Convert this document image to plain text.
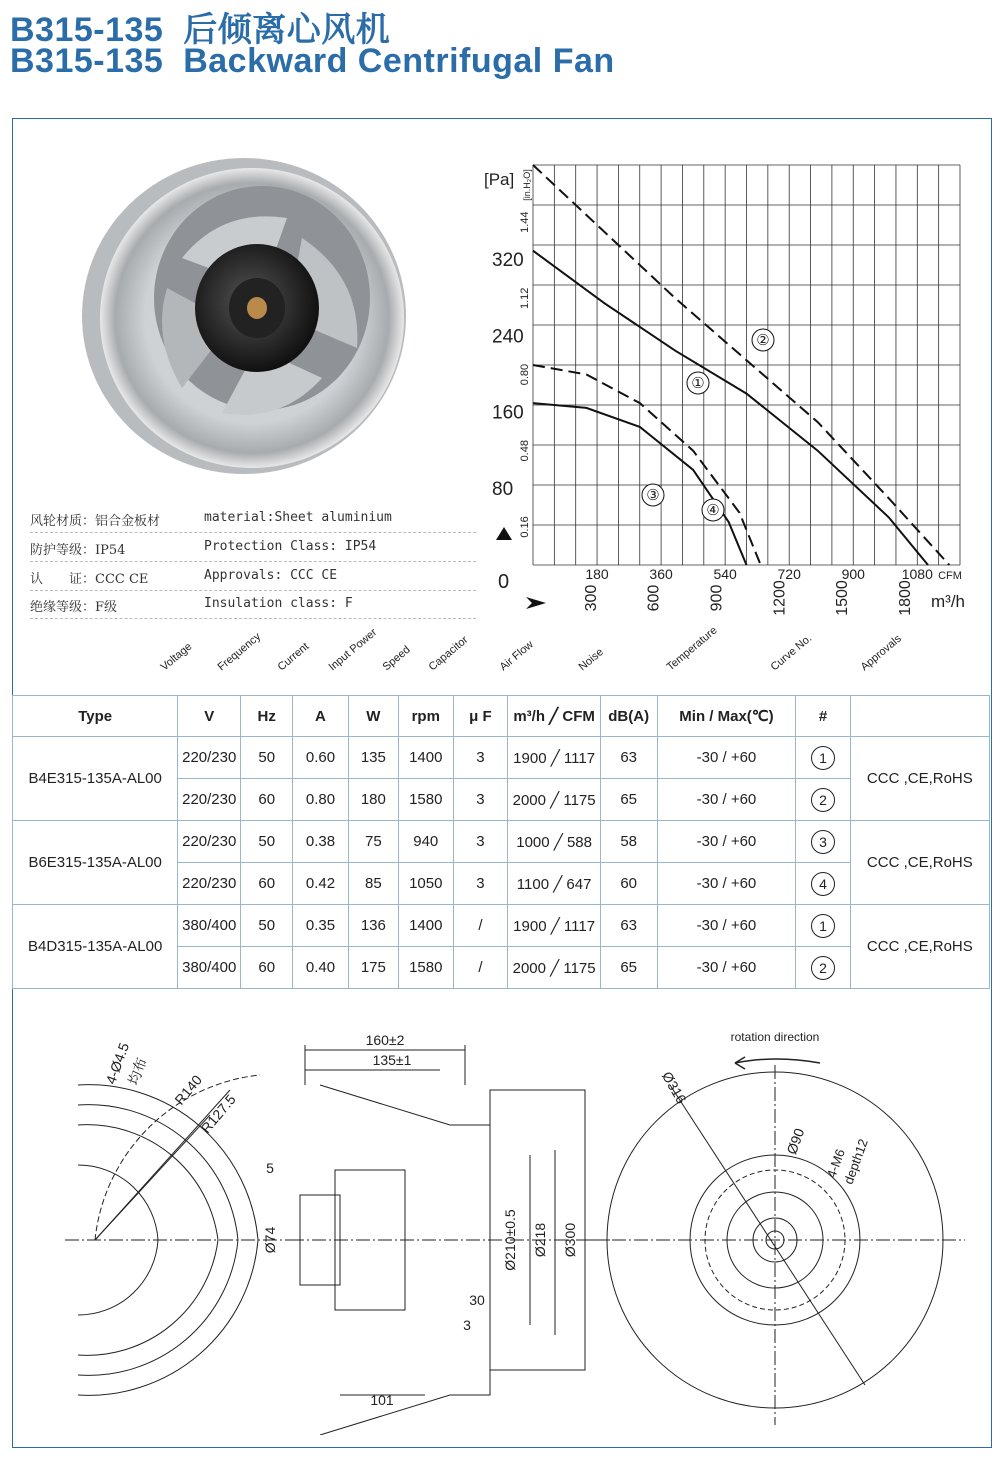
B315-135  后倾离心风机
B315-135  Backward Centrifugal Fan
风轮材质：铝合金板材	material:Sheet aluminium
防护等级：IP54	Protection Class: IP54
认　　证：CCC CE	Approvals: CCC CE
绝缘等级：F级	Insulation class: F
①
②
③
④
80
160
240
320
0.16
0.48
0.80
1.12
1.44
[Pa] [in.H₂O]
180	360	540	720	900	1080 CFM
300	600	900	1200	1500	1800 m³/h
0
Voltage	Frequency	Current	Input Power Speed	Capacitor	Air Flow	Noise	Temperature	Curve No.	Approvals
Type	V	Hz	A	W	rpm	μ F	m³/h ╱ CFM	dB(A)	Min / Max(℃)	#	
B4E315-135A-AL00	220/230	50	0.60	135	1400	3	1900 ╱ 1117	63	-30 / +60	1	CCC ,CE,RoHS
	220/230	60	0.80	180	1580	3	2000 ╱ 1175	65	-30 / +60	2	
B6E315-135A-AL00	220/230	50	0.38	75	940	3	1000 ╱ 588	58	-30 / +60	3	CCC ,CE,RoHS
	220/230	60	0.42	85	1050	3	1100 ╱ 647	60	-30 / +60	4	
B4D315-135A-AL00	380/400	50	0.35	136	1400	/	1900 ╱ 1117	63	-30 / +60	1	CCC ,CE,RoHS
	380/400	60	0.40	175	1580	/	2000 ╱ 1175	65	-30 / +60	2	
4-Ø4.5
均布
R140
R127.5
160±2
135±1
5
Ø74	Ø210±0.5 Ø218 Ø300
30
3
101
rotation direction
Ø316
Ø90
4-M6
depth12
